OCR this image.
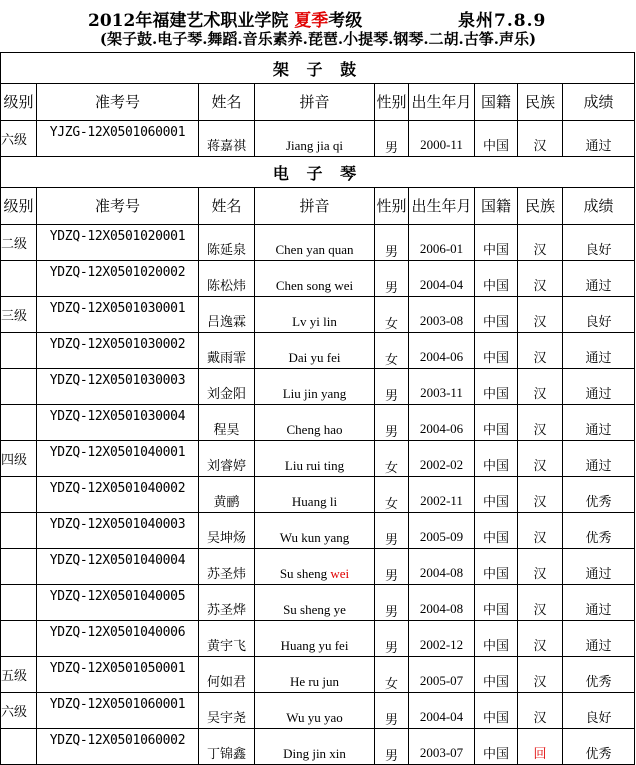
2012年福建艺术职业学院 夏季考级	泉州7.8.9
(架子鼓.电子琴.舞蹈.音乐素养.琵琶.小提琴.钢琴.二胡.古筝.声乐)
架 子 鼓								
级别	准考号	姓名	拼音	性别	出生年月	国籍	民族	成绩
六级	YJZG-12X0501060001	蒋嘉祺	Jiang jia qi	男	2000-11	中国	汉	通过
电 子 琴								
级别	准考号	姓名	拼音	性别	出生年月	国籍	民族	成绩
二级	YDZQ-12X0501020001	陈延泉	Chen yan quan	男	2006-01	中国	汉	良好
	YDZQ-12X0501020002	陈松炜	Chen song wei	男	2004-04	中国	汉	通过
三级	YDZQ-12X0501030001	吕逸霖	Lv yi lin	女	2003-08	中国	汉	良好
	YDZQ-12X0501030002	戴雨霏	Dai yu fei	女	2004-06	中国	汉	通过
	YDZQ-12X0501030003	刘金阳	Liu jin yang	男	2003-11	中国	汉	通过
	YDZQ-12X0501030004	程昊	Cheng hao	男	2004-06	中国	汉	通过
四级	YDZQ-12X0501040001	刘睿婷	Liu rui ting	女	2002-02	中国	汉	通过
	YDZQ-12X0501040002	黄鹂	Huang li	女	2002-11	中国	汉	优秀
	YDZQ-12X0501040003	吴坤炀	Wu kun yang	男	2005-09	中国	汉	优秀
	YDZQ-12X0501040004	苏圣炜	Su sheng wei	男	2004-08	中国	汉	通过
	YDZQ-12X0501040005	苏圣烨	Su sheng ye	男	2004-08	中国	汉	通过
	YDZQ-12X0501040006	黄宇飞	Huang yu fei	男	2002-12	中国	汉	通过
五级	YDZQ-12X0501050001	何如君	He ru jun	女	2005-07	中国	汉	优秀
六级	YDZQ-12X0501060001	吴宇尧	Wu yu yao	男	2004-04	中国	汉	良好
	YDZQ-12X0501060002	丁锦鑫	Ding jin xin	男	2003-07	中国	回	优秀
